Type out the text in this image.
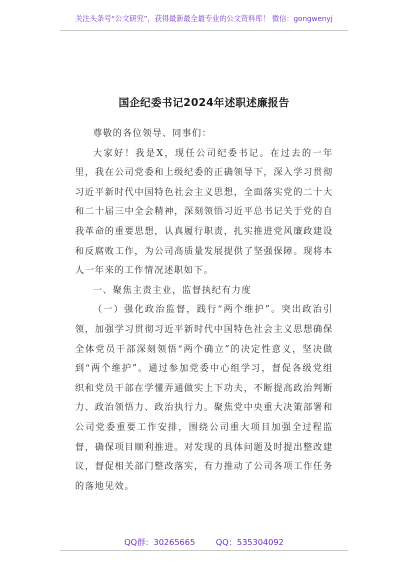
关注头条号“公文研究”，获得最新最全最专业的公文资料库！ 微信：gongwenyj
国企纪委书记2024年述职述廉报告

尊敬的各位领导、同事们：

大家好！我是X，现任公司纪委书记。在过去的一年里，我在公司党委和上级纪委的正确领导下，深入学习贯彻习近平新时代中国特色社会主义思想，全面落实党的二十大和二十届三中全会精神，深刻领悟习近平总书记关于党的自我革命的重要思想，认真履行职责，扎实推进党风廉政建设和反腐败工作，为公司高质量发展提供了坚强保障。现将本人一年来的工作情况述职如下。

一、聚焦主责主业，监督执纪有力度

（一）强化政治监督，践行“两个维护”。突出政治引领，加强学习贯彻习近平新时代中国特色社会主义思想确保全体党员干部深刻领悟“两个确立”的决定性意义，坚决做到“两个维护”。通过参加党委中心组学习，督促各级党组织和党员干部在学懂弄通做实上下功夫，不断提高政治判断力、政治领悟力、政治执行力。聚焦党中央重大决策部署和公司党委重要工作安排，围绕公司重大项目加强全过程监督，确保项目顺利推进。对发现的具体问题及时提出整改建议，督促相关部门整改落实，有力推动了公司各项工作任务的落地见效。

QQ群：30265665	QQ：535304092
